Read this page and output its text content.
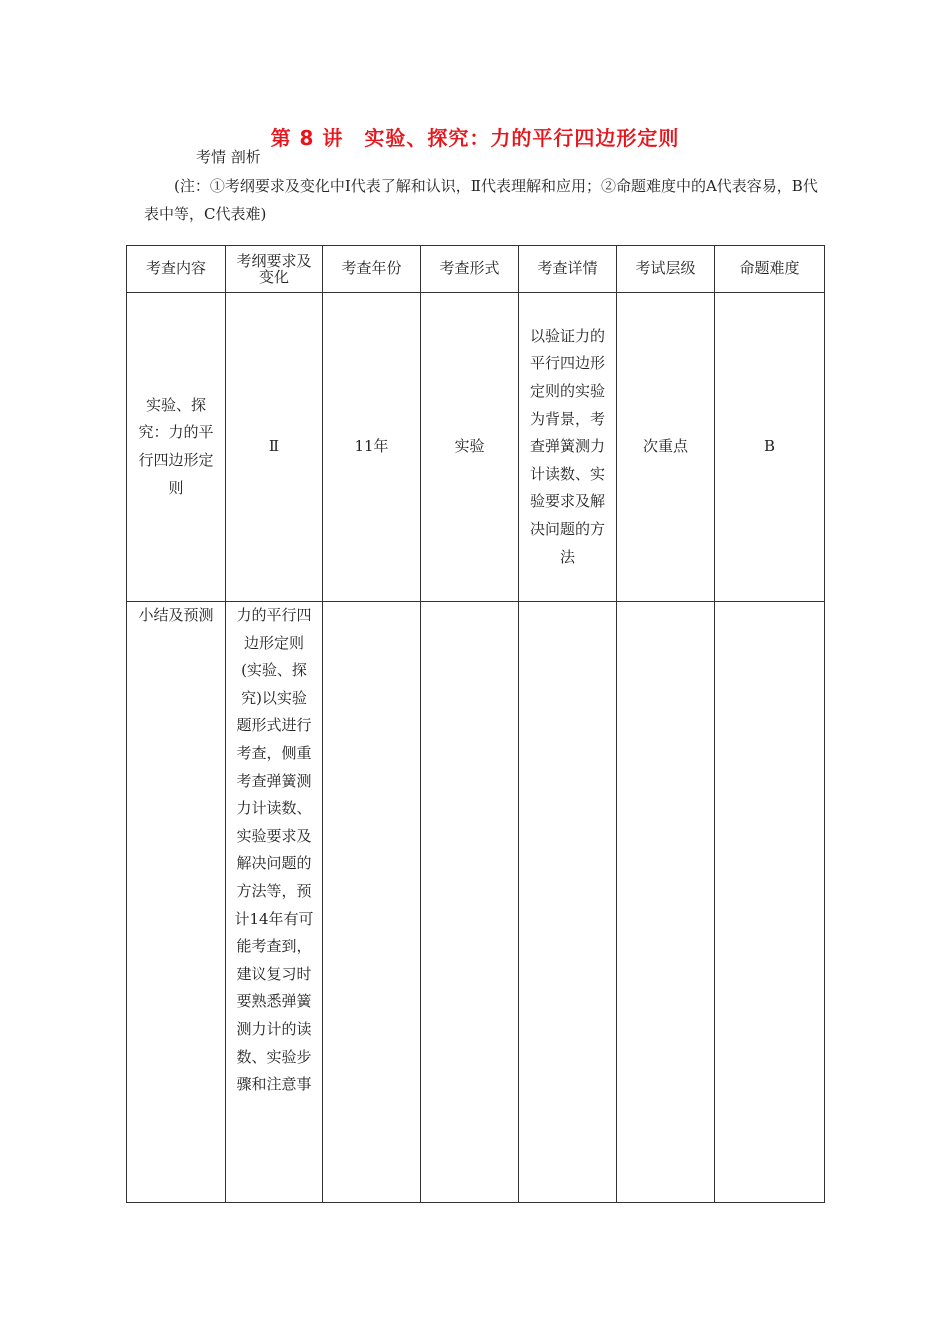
第 8 讲　实验、探究：力的平行四边形定则
考情 剖析
(注：①考纲要求及变化中Ⅰ代表了解和认识，Ⅱ代表理解和应用；②命题难度中的A代表容易，B代表中等，C代表难)
考查内容	考纲要求及变化	考查年份	考查形式	考查详情	考试层级	命题难度
实验、探究：力的平行四边形定则	Ⅱ	11年	实验	以验证力的平行四边形定则的实验为背景，考查弹簧测力计读数、实验要求及解决问题的方法	次重点	B
小结及预测	力的平行四边形定则(实验、探究)以实验题形式进行考查，侧重考查弹簧测力计读数、实验要求及解决问题的方法等，预计14年有可能考查到，建议复习时要熟悉弹簧测力计的读数、实验步骤和注意事					
